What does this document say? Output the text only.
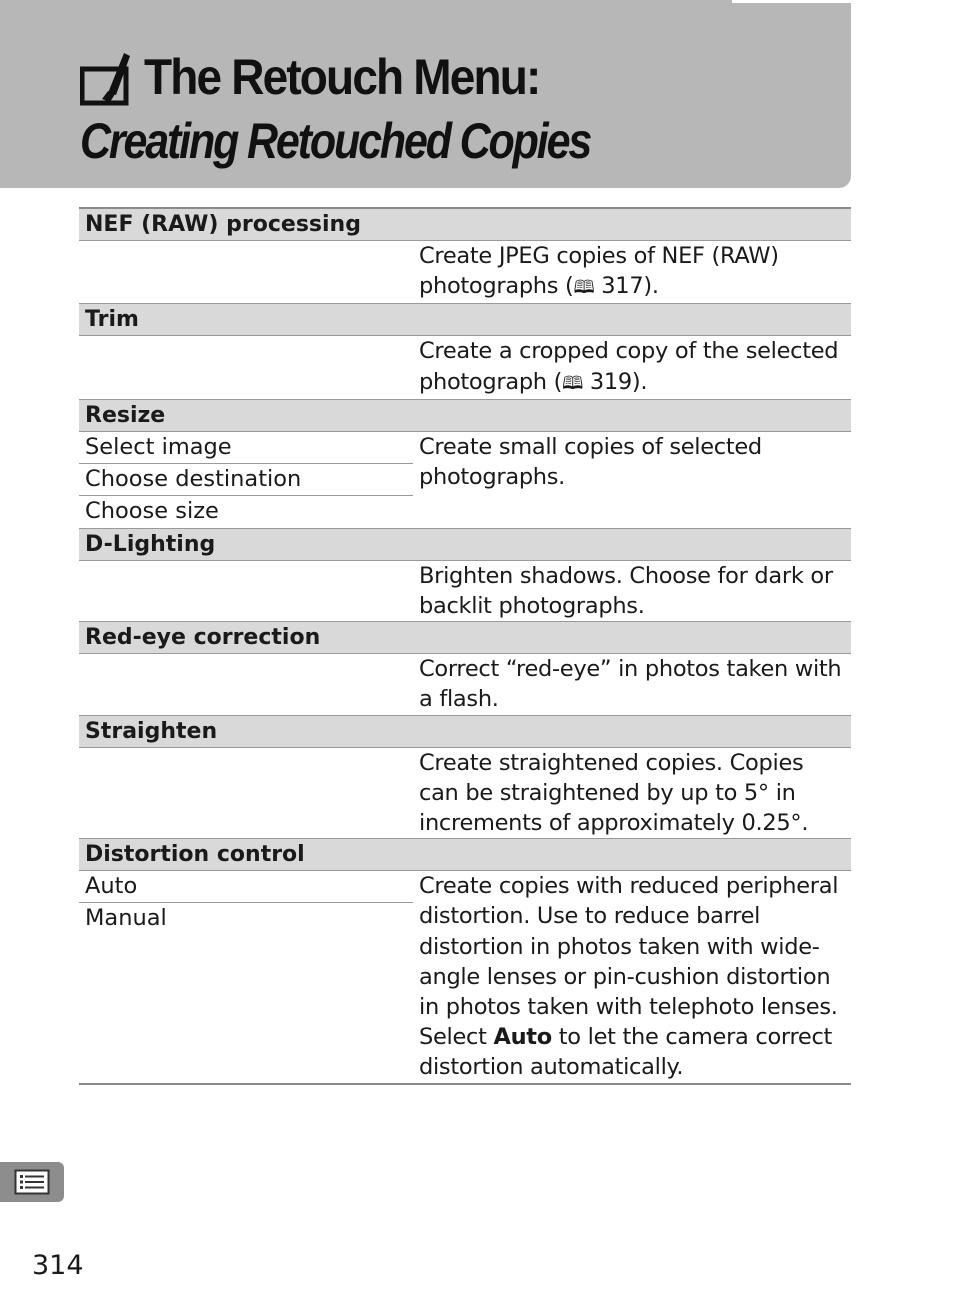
The Retouch Menu:
Creating Retouched Copies
NEF (RAW) processing
Create JPEG copies of NEF (RAW) photographs (🕮 317).
Trim
Create a cropped copy of the selected photograph (🕮 319).
Resize
Select image
Choose destination
Choose size
Create small copies of selected photographs.
D-Lighting
Brighten shadows. Choose for dark or backlit photographs.
Red-eye correction
Correct “red-eye” in photos taken with a flash.
Straighten
Create straightened copies. Copies can be straightened by up to 5° in increments of approximately 0.25°.
Distortion control
Auto
Manual
Create copies with reduced peripheral distortion. Use to reduce barrel distortion in photos taken with wide-angle lenses or pin-cushion distortion in photos taken with telephoto lenses. Select Auto to let the camera correct distortion automatically.
314
